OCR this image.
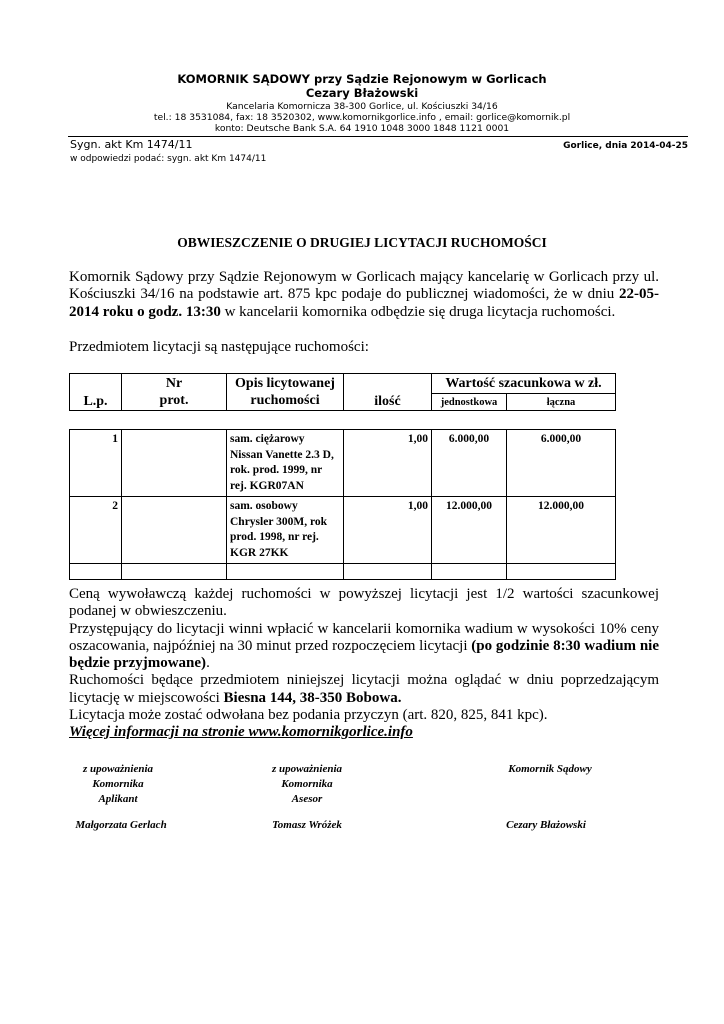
KOMORNIK SĄDOWY przy Sądzie Rejonowym w Gorlicach
Cezary Błażowski
Kancelaria Komornicza 38-300 Gorlice, ul. Kościuszki 34/16
tel.: 18 3531084, fax: 18 3520302, www.komornikgorlice.info , email: gorlice@komornik.pl
konto: Deutsche Bank S.A. 64 1910 1048 3000 1848 1121 0001
Sygn. akt Km 1474/11	Gorlice, dnia 2014-04-25
w odpowiedzi podać: sygn. akt Km 1474/11
OBWIESZCZENIE O DRUGIEJ LICYTACJI RUCHOMOŚCI
Komornik Sądowy przy Sądzie Rejonowym w Gorlicach mający kancelarię w Gorlicach przy ul. Kościuszki 34/16 na podstawie art. 875 kpc podaje do publicznej wiadomości, że w dniu 22-05-2014 roku o godz. 13:30 w kancelarii komornika odbędzie się druga licytacja ruchomości.
Przedmiotem licytacji są następujące ruchomości:
L.p.	Nr
prot.	Opis licytowanej
ruchomości	ilość	Wartość szacunkowa w zł.	
				jednostkowa	łączna
1		sam. ciężarowy
Nissan Vanette 2.3 D,
rok. prod. 1999, nr
rej. KGR07AN	1,00	6.000,00	6.000,00
2		sam. osobowy
Chrysler 300M, rok
prod. 1998, nr rej.
KGR 27KK	1,00	12.000,00	12.000,00

Ceną wywoławczą każdej ruchomości w powyższej licytacji jest 1/2 wartości szacunkowej podanej w obwieszczeniu.
Przystępujący do licytacji winni wpłacić w kancelarii komornika wadium w wysokości 10% ceny oszacowania, najpóźniej na 30 minut przed rozpoczęciem licytacji (po godzinie 8:30 wadium nie będzie przyjmowane).
Ruchomości będące przedmiotem niniejszej licytacji można oglądać w dniu poprzedzającym licytację w miejscowości Biesna 144, 38-350 Bobowa.
Licytacja może zostać odwołana bez podania przyczyn (art. 820, 825, 841 kpc).
Więcej informacji na stronie www.komornikgorlice.info
z upoważnienia
Komornika
Aplikant
Małgorzata Gerlach
z upoważnienia
Komornika
Asesor
Tomasz Wróżek
Komornik Sądowy
Cezary Błażowski
